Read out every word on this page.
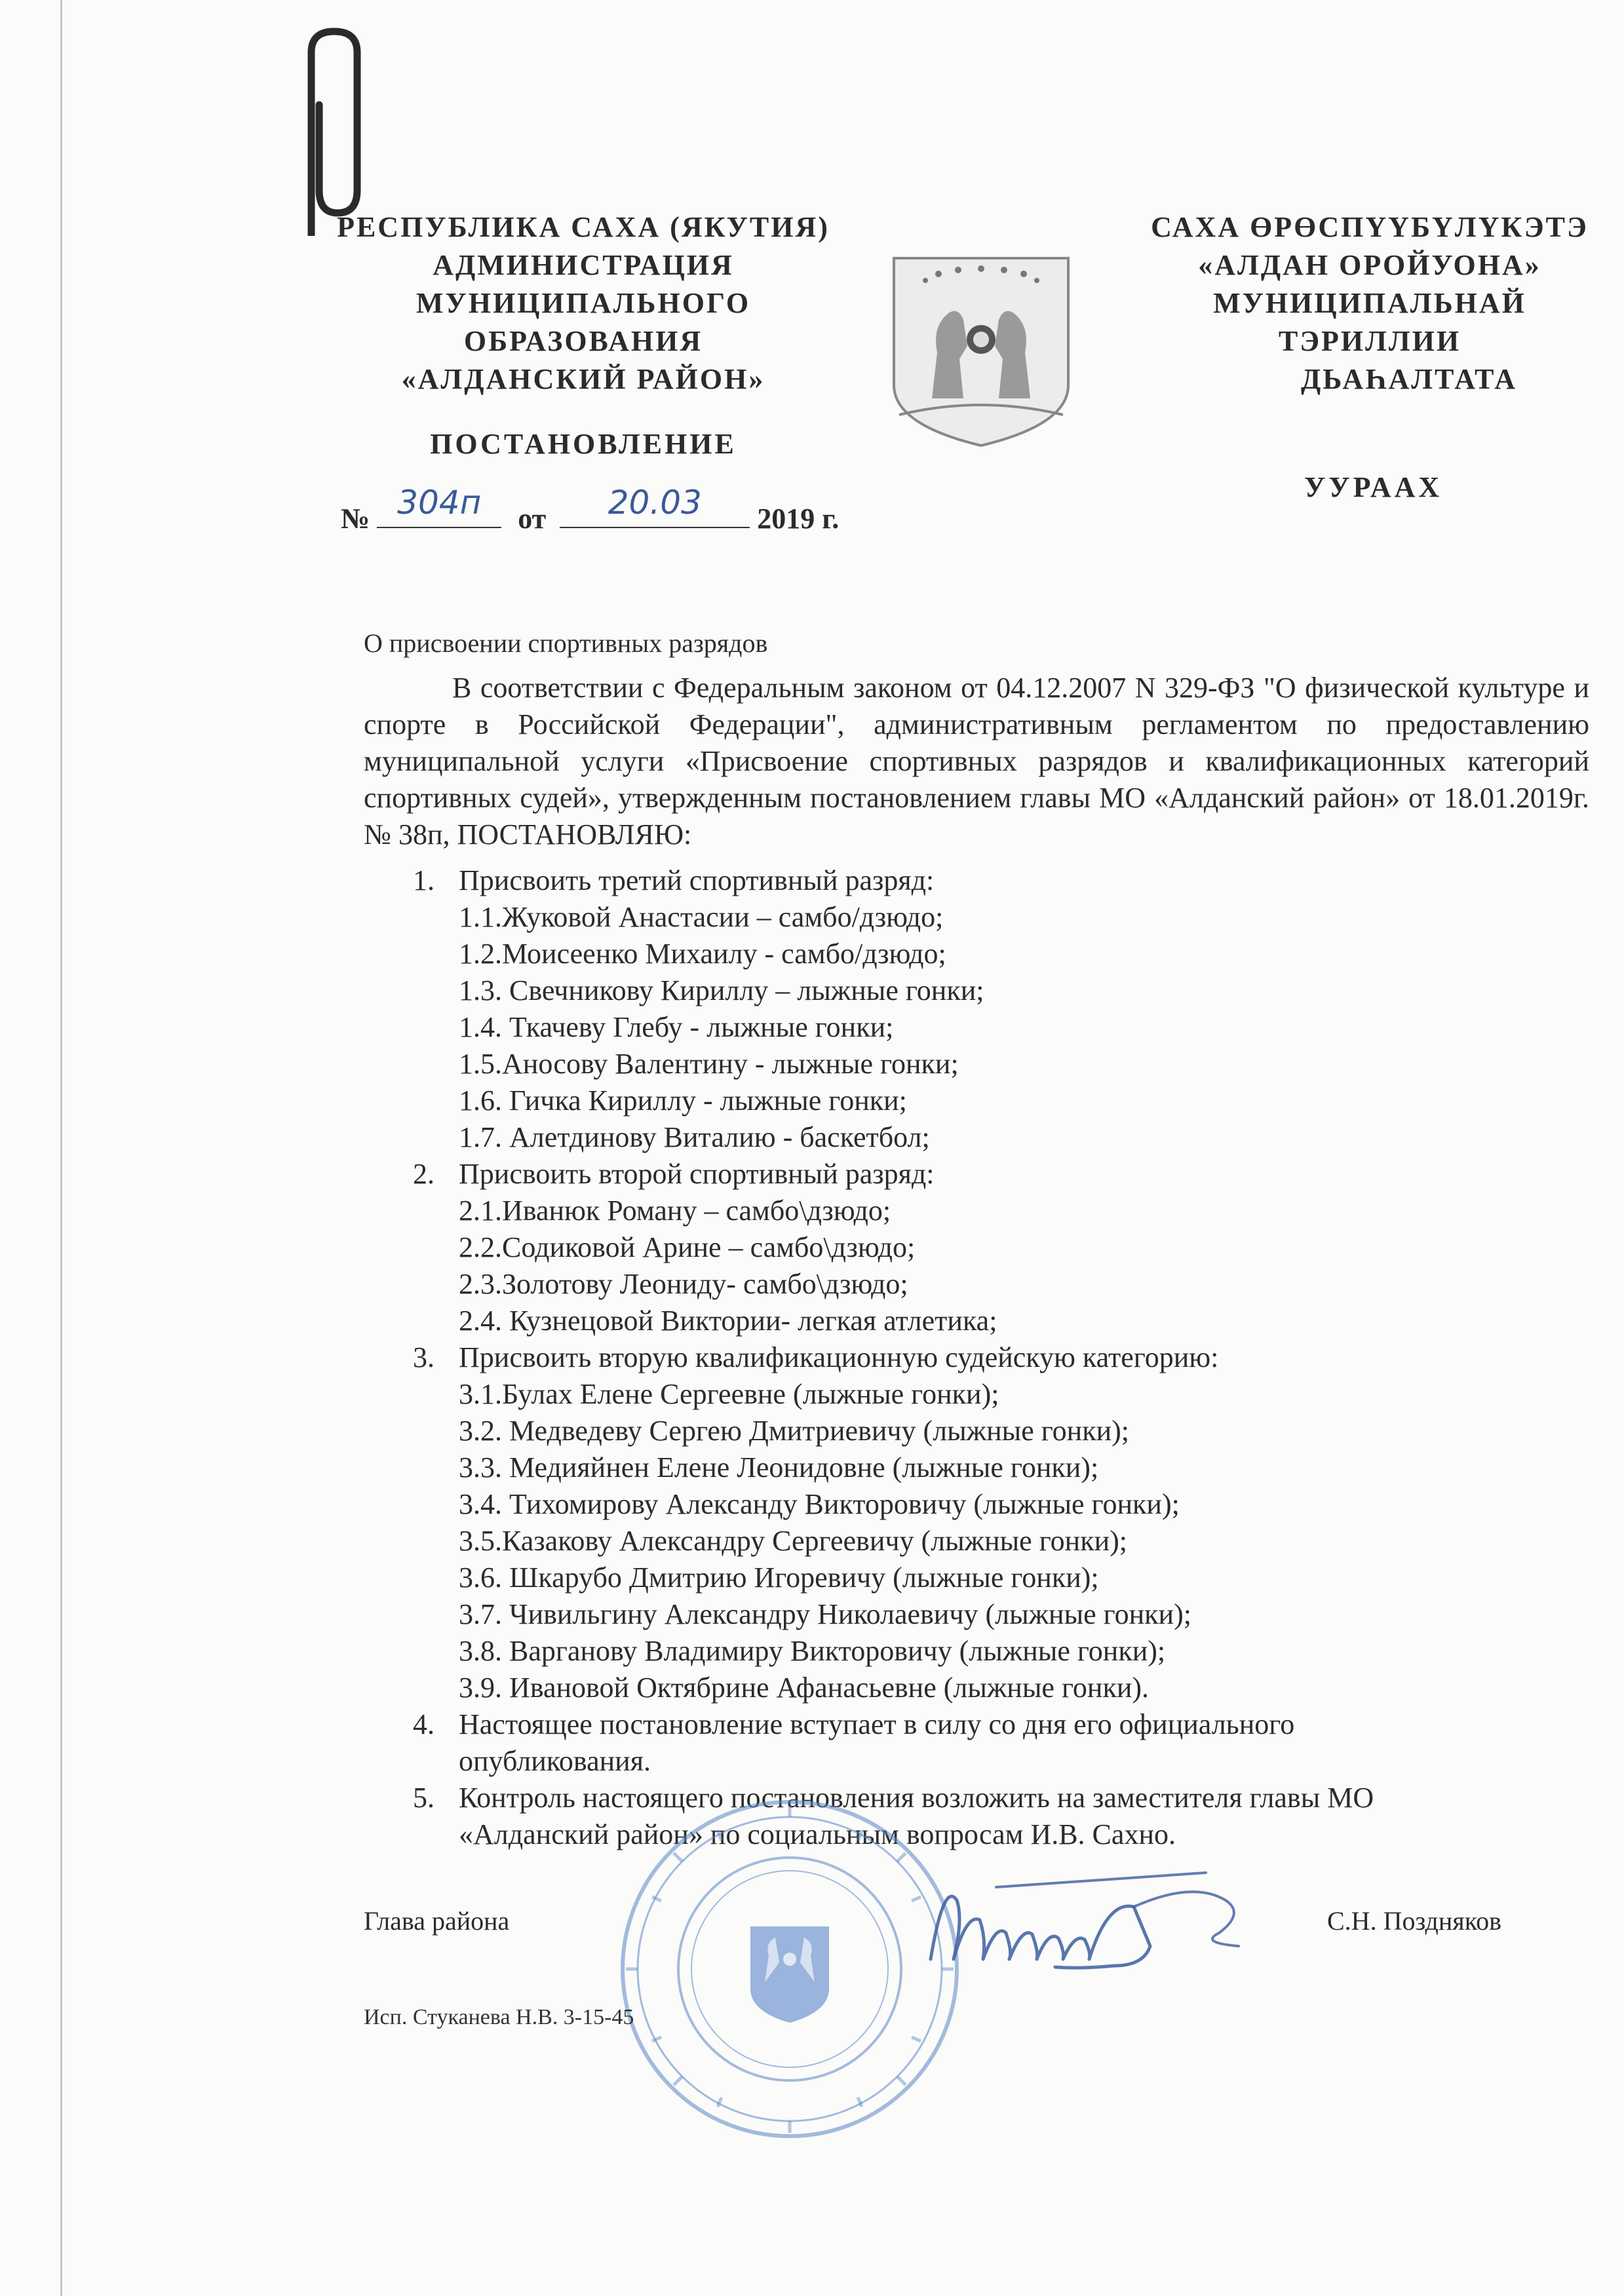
РЕСПУБЛИКА САХА (ЯКУТИЯ)
АДМИНИСТРАЦИЯ
МУНИЦИПАЛЬНОГО
ОБРАЗОВАНИЯ
«АЛДАНСКИЙ РАЙОН»
САХА ӨРӨСПҮҮБҮЛҮКЭТЭ
«АЛДАН ОРОЙУОНА»
МУНИЦИПАЛЬНАЙ
ТЭРИЛЛИИ
ДЬАҺАЛТАТА
ПОСТАНОВЛЕНИЕ
УУРААХ
№ 304п	от	20.03	2019 г.
О присвоении спортивных разрядов
В соответствии с Федеральным законом от 04.12.2007 N 329-ФЗ "О физической культуре и спорте в Российской Федерации", административным регламентом по предоставлению муниципальной услуги «Присвоение спортивных разрядов и квалификационных категорий спортивных судей», утвержденным постановлением главы МО «Алданский район» от 18.01.2019г. № 38п, ПОСТАНОВЛЯЮ:
1. Присвоить третий спортивный разряд:
1.1.Жуковой Анастасии – самбо/дзюдо;
1.2.Моисеенко Михаилу - самбо/дзюдо;
1.3. Свечникову Кириллу – лыжные гонки;
1.4. Ткачеву Глебу - лыжные гонки;
1.5.Аносову Валентину - лыжные гонки;
1.6. Гичка Кириллу - лыжные гонки;
1.7. Алетдинову Виталию - баскетбол;
2. Присвоить второй спортивный разряд:
2.1.Иванюк Роману – самбо\дзюдо;
2.2.Содиковой Арине – самбо\дзюдо;
2.3.Золотову Леониду- самбо\дзюдо;
2.4. Кузнецовой Виктории- легкая атлетика;
3. Присвоить вторую квалификационную судейскую категорию:
3.1.Булах Елене Сергеевне (лыжные гонки);
3.2. Медведеву Сергею Дмитриевичу (лыжные гонки);
3.3. Медияйнен Елене Леонидовне (лыжные гонки);
3.4. Тихомирову Александу Викторовичу (лыжные гонки);
3.5.Казакову Александру Сергеевичу (лыжные гонки);
3.6. Шкарубо Дмитрию Игоревичу (лыжные гонки);
3.7. Чивильгину Александру Николаевичу (лыжные гонки);
3.8. Варганову Владимиру Викторовичу (лыжные гонки);
3.9. Ивановой Октябрине Афанасьевне (лыжные гонки).
4. Настоящее постановление вступает в силу со дня его официального
опубликования.
5. Контроль настоящего постановления возложить на заместителя главы МО
«Алданский район» по социальным вопросам И.В. Сахно.
Глава района	С.Н. Поздняков
Исп. Стуканева Н.В. 3-15-45
